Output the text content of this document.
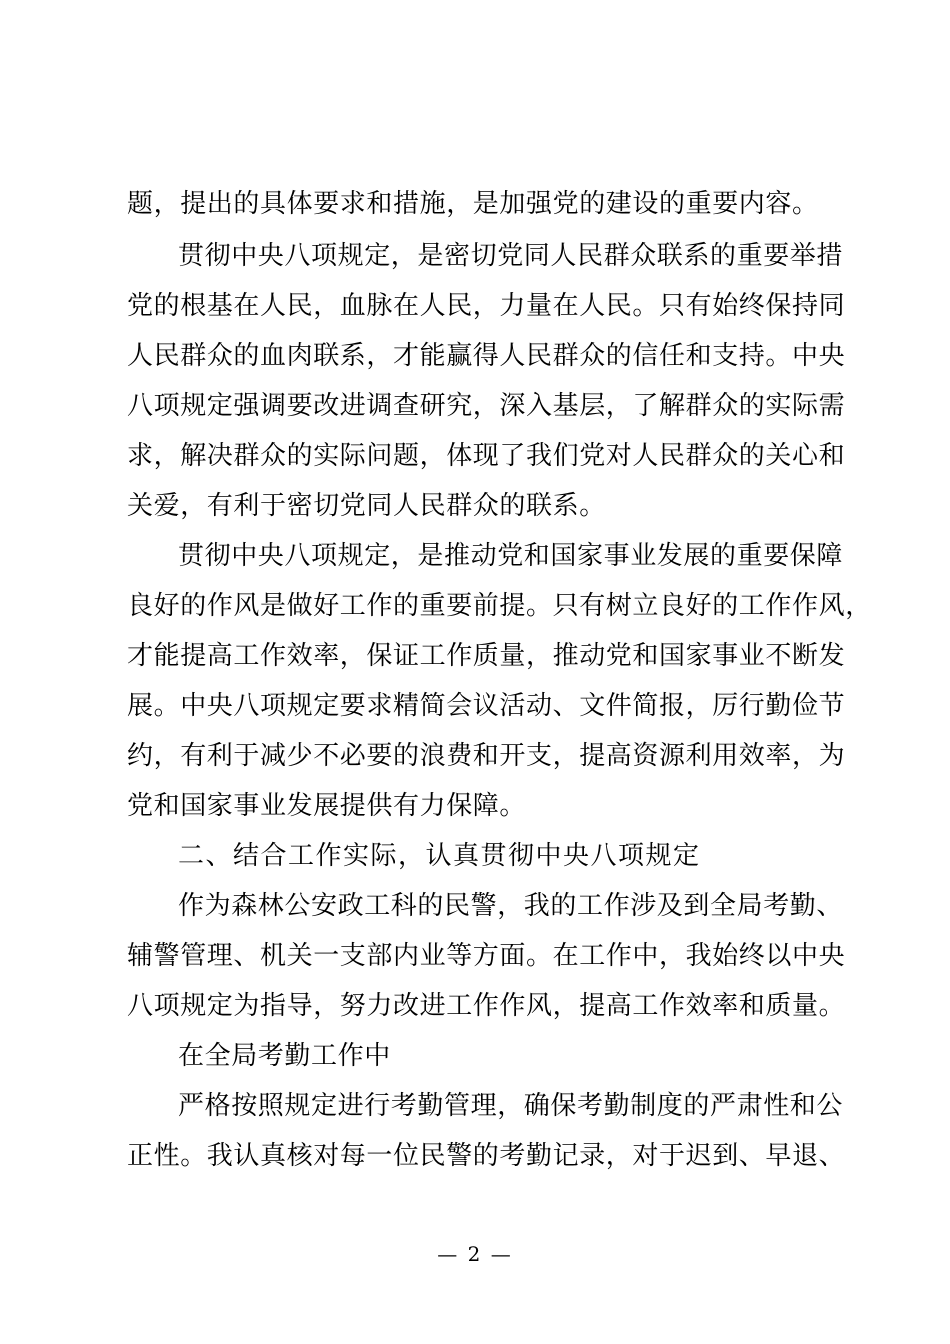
题，提出的具体要求和措施，是加强党的建设的重要内容。
贯彻中央八项规定，是密切党同人民群众联系的重要举措
党的根基在人民，血脉在人民，力量在人民。只有始终保持同
人民群众的血肉联系，才能赢得人民群众的信任和支持。中央
八项规定强调要改进调查研究，深入基层，了解群众的实际需
求，解决群众的实际问题，体现了我们党对人民群众的关心和
关爱，有利于密切党同人民群众的联系。
贯彻中央八项规定，是推动党和国家事业发展的重要保障
良好的作风是做好工作的重要前提。只有树立良好的工作作风，
才能提高工作效率，保证工作质量，推动党和国家事业不断发
展。中央八项规定要求精简会议活动、文件简报，厉行勤俭节
约，有利于减少不必要的浪费和开支，提高资源利用效率，为
党和国家事业发展提供有力保障。
二、结合工作实际，认真贯彻中央八项规定
作为森林公安政工科的民警，我的工作涉及到全局考勤、
辅警管理、机关一支部内业等方面。在工作中，我始终以中央
八项规定为指导，努力改进工作作风，提高工作效率和质量。
在全局考勤工作中
严格按照规定进行考勤管理，确保考勤制度的严肃性和公
正性。我认真核对每一位民警的考勤记录，对于迟到、早退、
— 2 —
